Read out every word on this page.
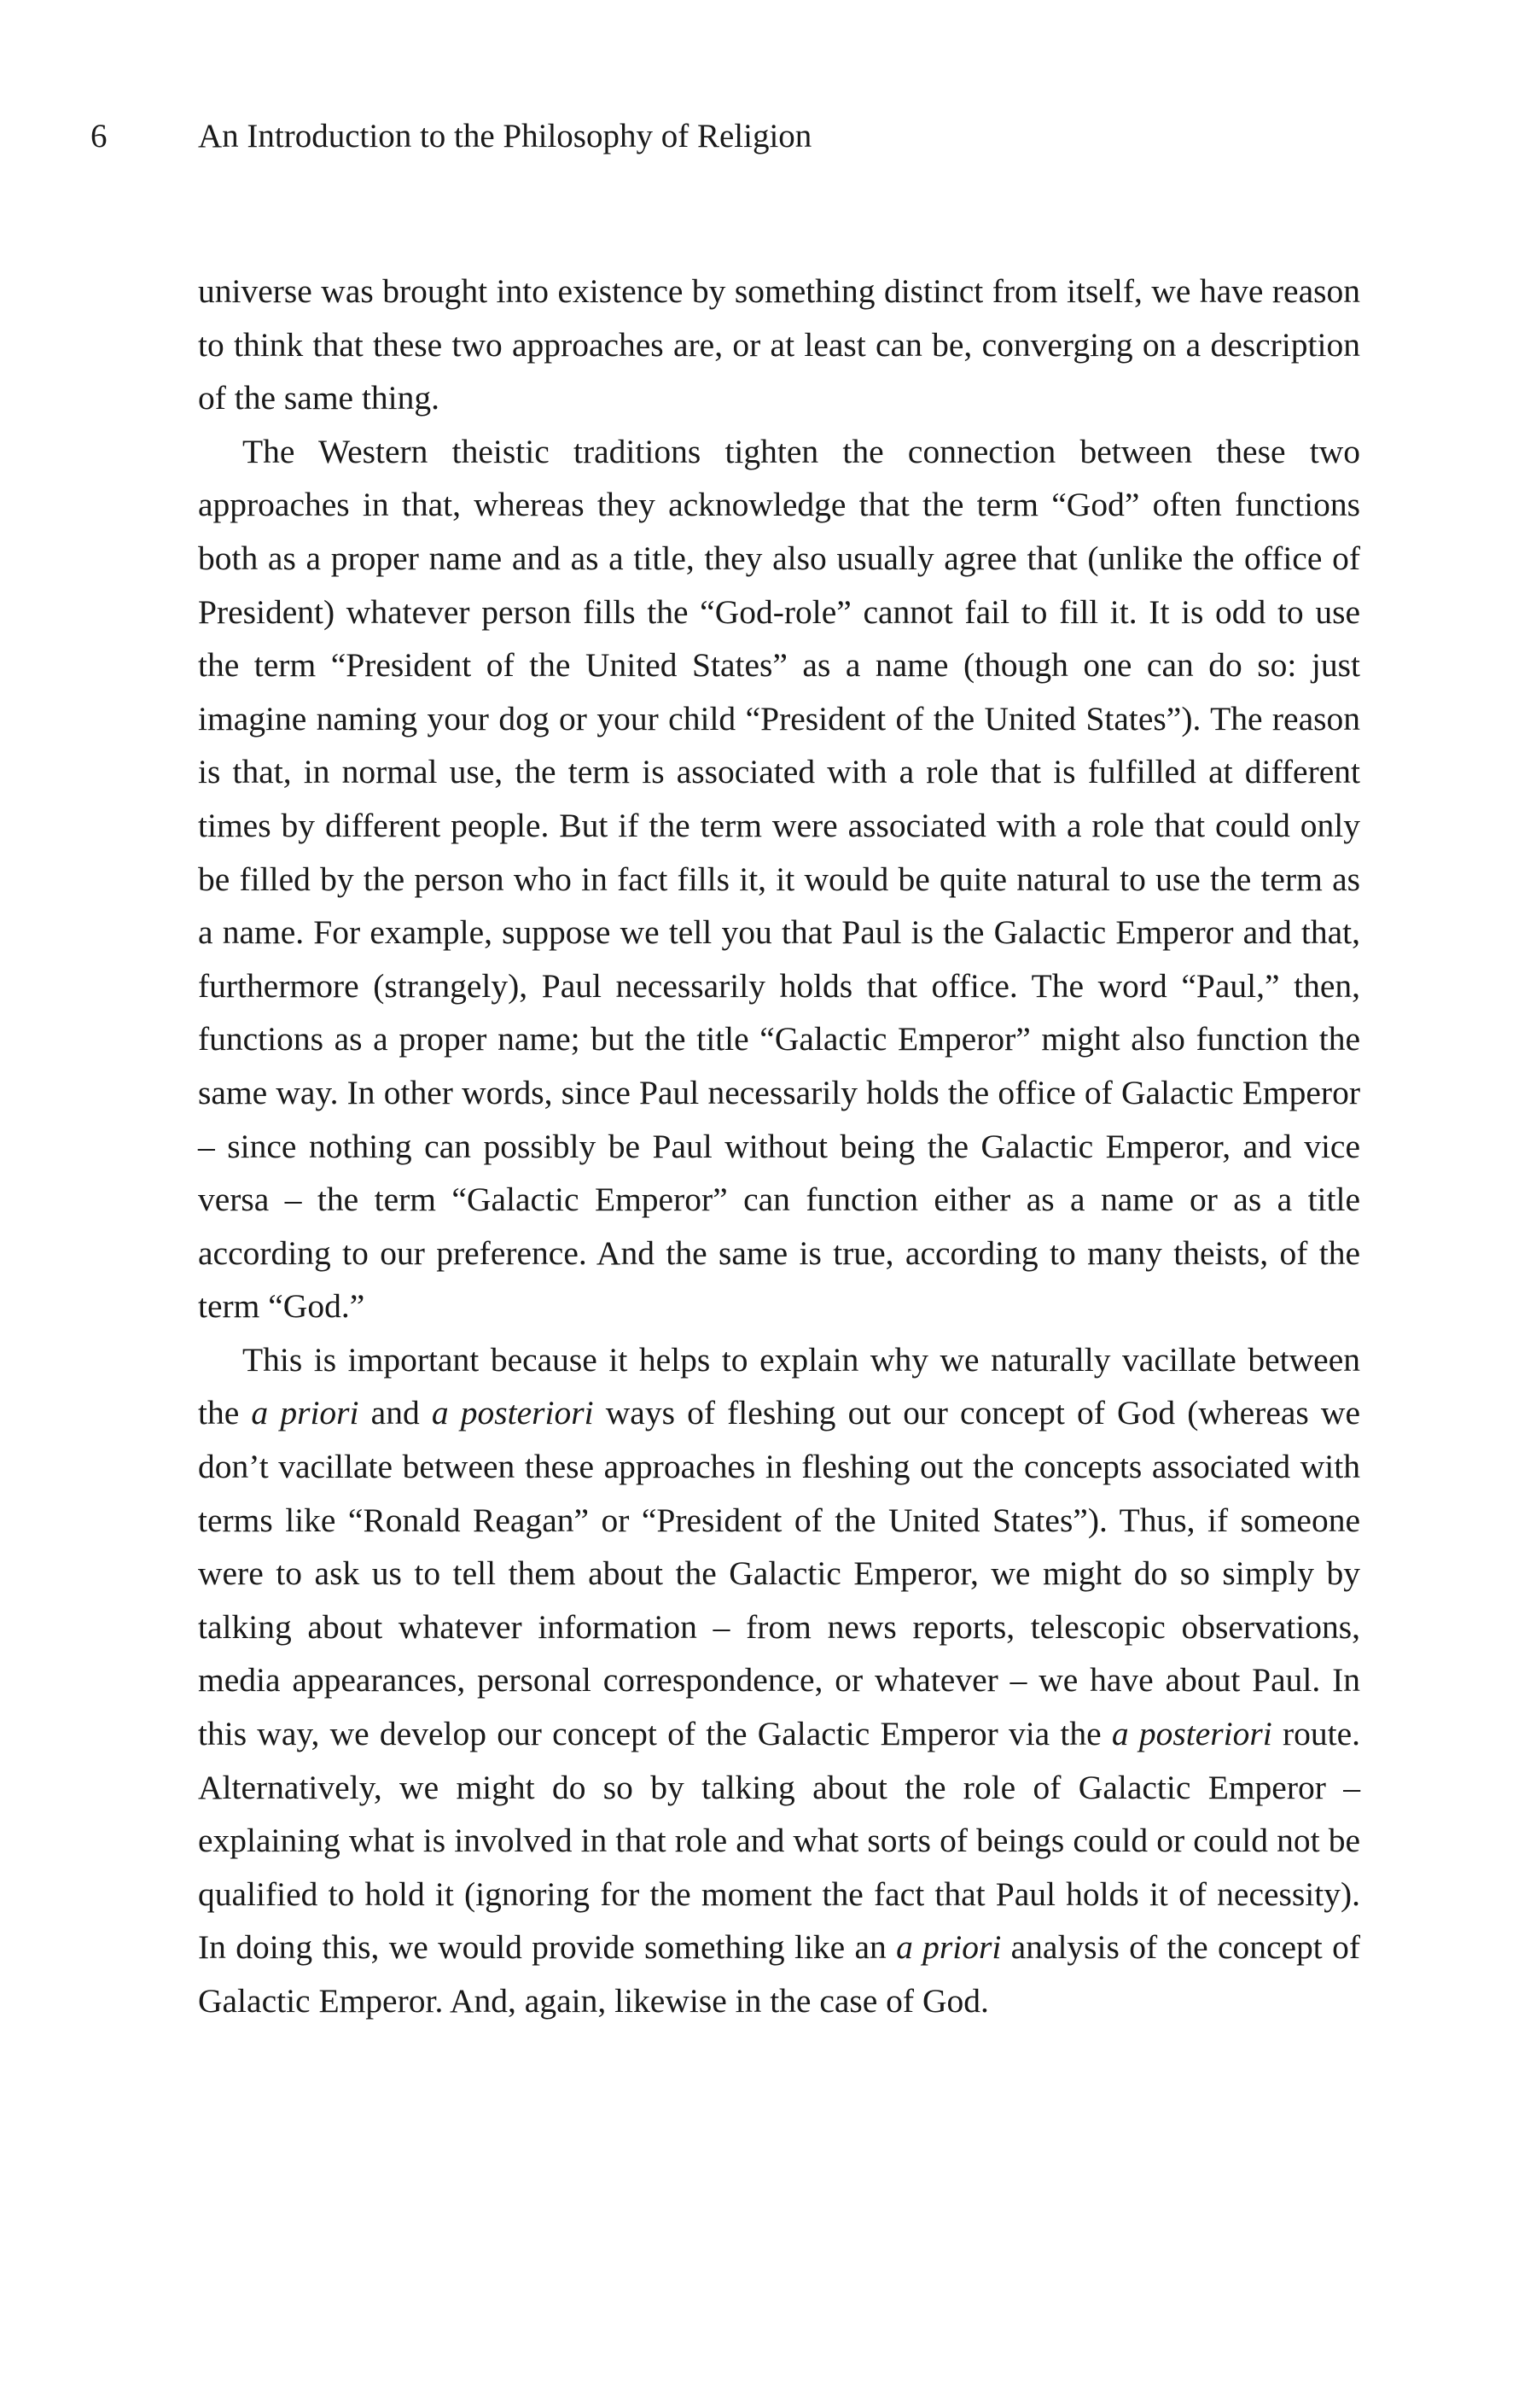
6	An Introduction to the Philosophy of Religion

universe was brought into existence by something distinct from itself, we have reason to think that these two approaches are, or at least can be, converging on a description of the same thing.

The Western theistic traditions tighten the connection between these two approaches in that, whereas they acknowledge that the term “God” often functions both as a proper name and as a title, they also usually agree that (unlike the office of President) whatever person fills the “God-role” cannot fail to fill it. It is odd to use the term “President of the United States” as a name (though one can do so: just imagine naming your dog or your child “President of the United States”). The reason is that, in normal use, the term is associated with a role that is fulfilled at different times by different people. But if the term were associated with a role that could only be filled by the person who in fact fills it, it would be quite natural to use the term as a name. For example, suppose we tell you that Paul is the Galactic Emperor and that, furthermore (strangely), Paul necessarily holds that office. The word “Paul,” then, functions as a proper name; but the title “Galactic Emperor” might also function the same way. In other words, since Paul necessarily holds the office of Galactic Emperor – since nothing can possibly be Paul without being the Galactic Emperor, and vice versa – the term “Galactic Emperor” can function either as a name or as a title according to our preference. And the same is true, according to many theists, of the term “God.”

This is important because it helps to explain why we naturally vacillate between the a priori and a posteriori ways of fleshing out our concept of God (whereas we don’t vacillate between these approaches in fleshing out the concepts associated with terms like “Ronald Reagan” or “President of the United States”). Thus, if someone were to ask us to tell them about the Galactic Emperor, we might do so simply by talking about whatever information – from news reports, telescopic observations, media appearances, personal correspondence, or whatever – we have about Paul. In this way, we develop our concept of the Galactic Emperor via the a posteriori route. Alternatively, we might do so by talking about the role of Galactic Emperor – explaining what is involved in that role and what sorts of beings could or could not be qualified to hold it (ignoring for the moment the fact that Paul holds it of necessity). In doing this, we would provide something like an a priori analysis of the concept of Galactic Emperor. And, again, likewise in the case of God.
